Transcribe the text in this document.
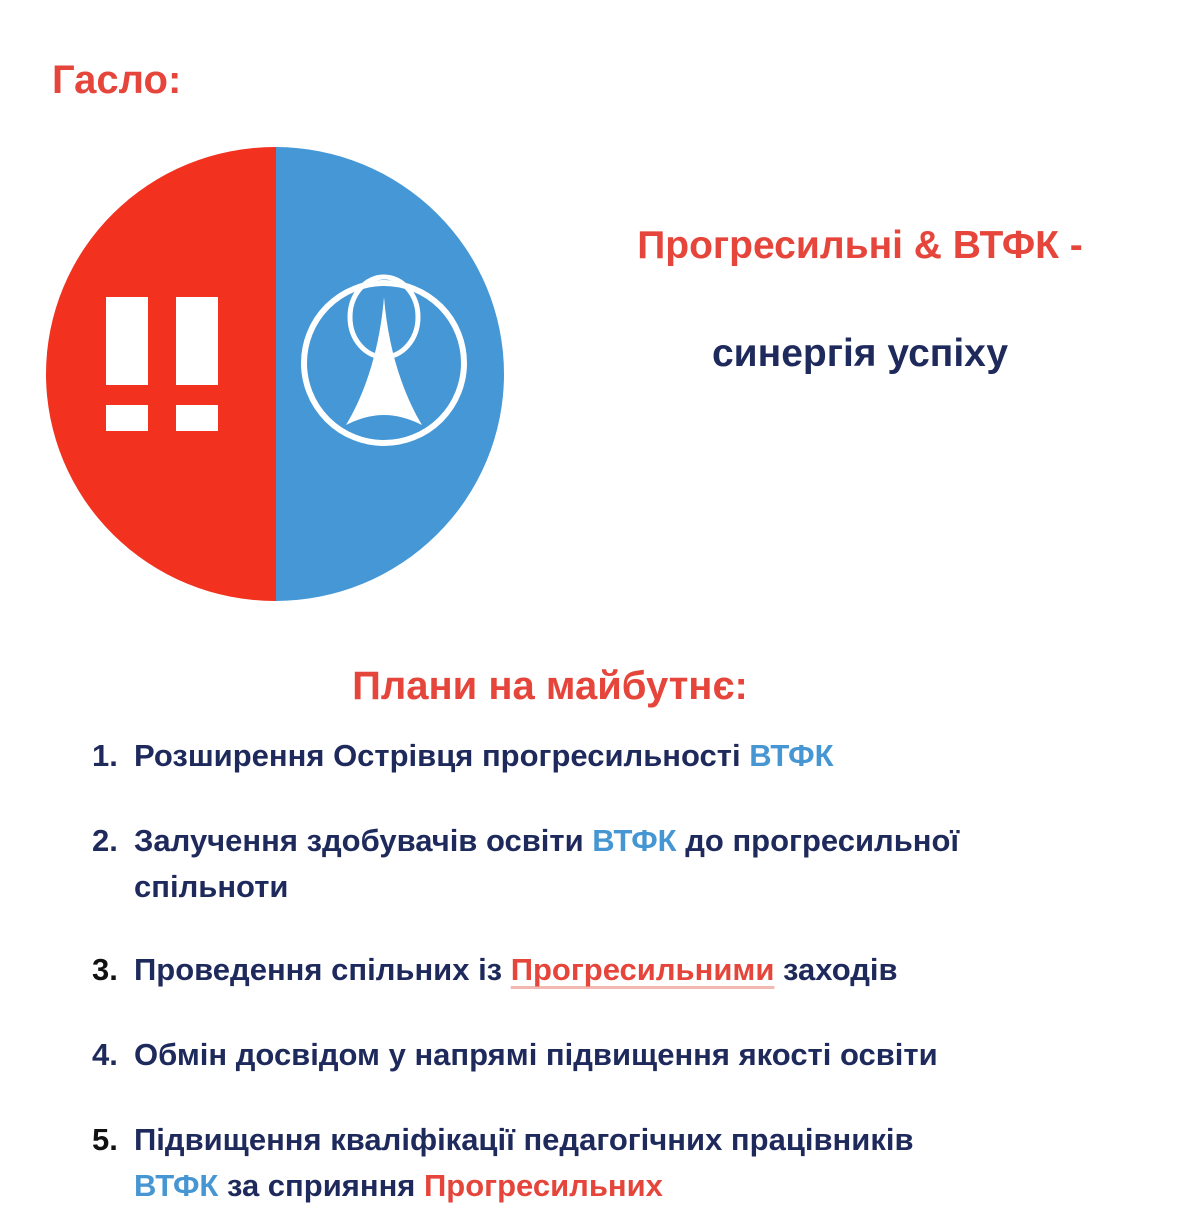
Гасло:
Прогресильні & ВТФК -
синергія успіху
Плани на майбутнє:
1. Розширення Острівця прогресильності ВТФК
2. Залучення здобувачів освіти ВТФК до прогресильної
спільноти
3. Проведення спільних із Прогресильними заходів
4. Обмін досвідом у напрямі підвищення якості освіти
5. Підвищення кваліфікації педагогічних працівників
ВТФК за сприяння Прогресильних
